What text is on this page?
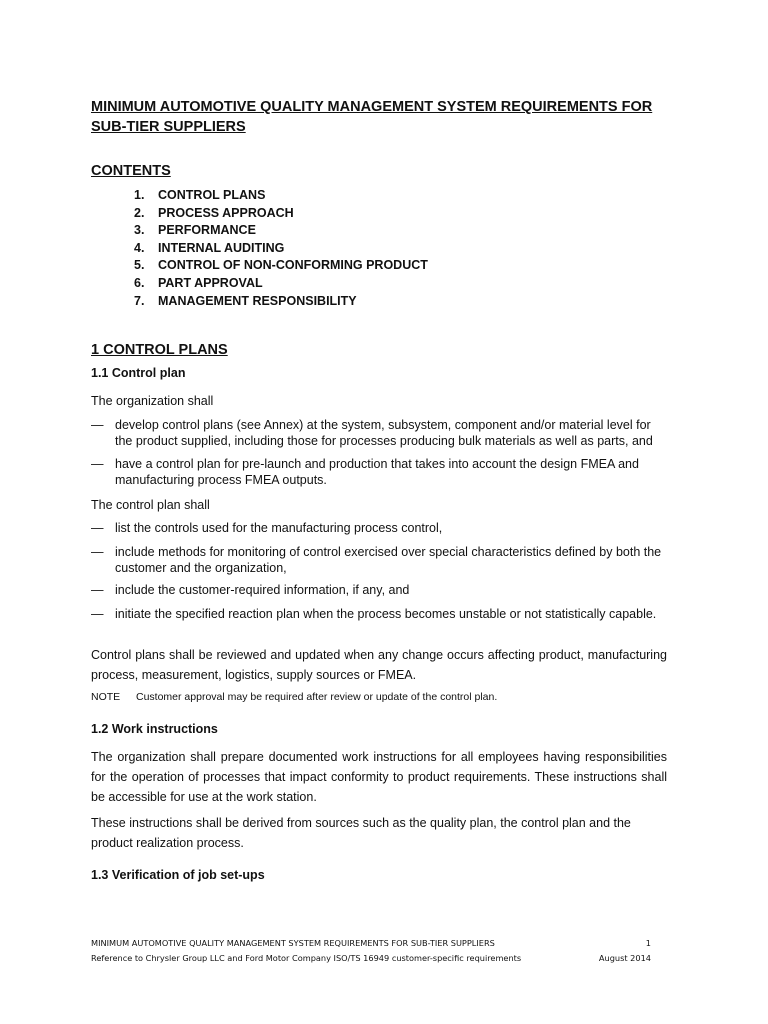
MINIMUM AUTOMOTIVE QUALITY MANAGEMENT SYSTEM REQUIREMENTS FOR SUB-TIER SUPPLIERS
CONTENTS
1. CONTROL PLANS
2. PROCESS APPROACH
3. PERFORMANCE
4. INTERNAL AUDITING
5. CONTROL OF NON-CONFORMING PRODUCT
6. PART APPROVAL
7. MANAGEMENT RESPONSIBILITY
1 CONTROL PLANS
1.1 Control plan

The organization shall

— develop control plans (see Annex) at the system, subsystem, component and/or material level for the product supplied, including those for processes producing bulk materials as well as parts, and
— have a control plan for pre-launch and production that takes into account the design FMEA and manufacturing process FMEA outputs.

The control plan shall

— list the controls used for the manufacturing process control,
— include methods for monitoring of control exercised over special characteristics defined by both the customer and the organization,
— include the customer-required information, if any, and
— initiate the specified reaction plan when the process becomes unstable or not statistically capable.

Control plans shall be reviewed and updated when any change occurs affecting product, manufacturing process, measurement, logistics, supply sources or FMEA.

NOTE Customer approval may be required after review or update of the control plan.
1.2 Work instructions

The organization shall prepare documented work instructions for all employees having responsibilities for the operation of processes that impact conformity to product requirements. These instructions shall be accessible for use at the work station.

These instructions shall be derived from sources such as the quality plan, the control plan and the product realization process.

1.3 Verification of job set-ups
MINIMUM AUTOMOTIVE QUALITY MANAGEMENT SYSTEM REQUIREMENTS FOR SUB-TIER SUPPLIERS	1
Reference to Chrysler Group LLC and Ford Motor Company ISO/TS 16949 customer-specific requirements	August 2014
